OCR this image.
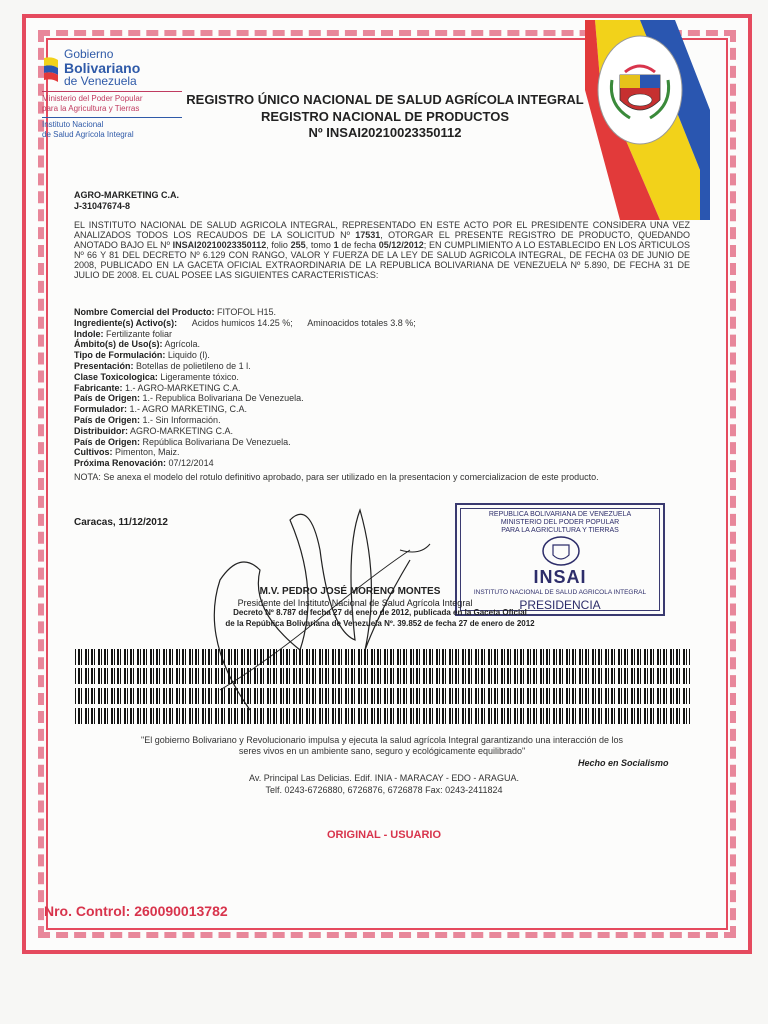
Gobierno
Bolivariano
de Venezuela
Ministerio del Poder Popular
para la Agricultura y Tierras
Instituto Nacional
de Salud Agrícola Integral
REGISTRO ÚNICO NACIONAL DE SALUD AGRÍCOLA INTEGRAL
REGISTRO NACIONAL DE PRODUCTOS
Nº INSAI20210023350112
AGRO-MARKETING C.A.
J-31047674-8
EL INSTITUTO NACIONAL DE SALUD AGRICOLA INTEGRAL, REPRESENTADO EN ESTE ACTO POR EL PRESIDENTE CONSIDERA UNA VEZ ANALIZADOS TODOS LOS RECAUDOS DE LA SOLICITUD Nº 17531, OTORGAR EL PRESENTE REGISTRO DE PRODUCTO, QUEDANDO ANOTADO BAJO EL Nº INSAI20210023350112, folio 255, tomo 1 de fecha 05/12/2012; EN CUMPLIMIENTO A LO ESTABLECIDO EN LOS ARTICULOS Nº 66 Y 81 DEL DECRETO Nº 6.129 CON RANGO, VALOR Y FUERZA DE LA LEY DE SALUD AGRICOLA INTEGRAL, DE FECHA 03 DE JUNIO DE 2008, PUBLICADO EN LA GACETA OFICIAL EXTRAORDINARIA DE LA REPUBLICA BOLIVARIANA DE VENEZUELA Nº 5.890, DE FECHA 31 DE JULIO DE 2008. EL CUAL POSEE LAS SIGUIENTES CARACTERISTICAS:
Nombre Comercial del Producto: FITOFOL H15.
Ingrediente(s) Activo(s):      Acidos humicos 14.25 %;      Aminoacidos totales 3.8 %;
Indole: Fertilizante foliar
Ámbito(s) de Uso(s): Agrícola.
Tipo de Formulación: Liquido (l).
Presentación: Botellas de polietileno de 1 l.
Clase Toxicologica: Ligeramente tóxico.
Fabricante: 1.- AGRO-MARKETING C.A.
País de Origen: 1.- Republica Bolivariana De Venezuela.
Formulador: 1.- AGRO MARKETING, C.A.
País de Origen: 1.- Sin Información.
Distribuidor: AGRO-MARKETING C.A.
País de Origen: República Bolivariana De Venezuela.
Cultivos: Pimenton, Maiz.
Próxima Renovación: 07/12/2014
NOTA: Se anexa el modelo del rotulo definitivo aprobado, para ser utilizado en la presentacion y comercializacion de este producto.
Caracas, 11/12/2012
REPUBLICA BOLIVARIANA DE VENEZUELA
MINISTERIO DEL PODER POPULAR
PARA LA AGRICULTURA Y TIERRAS
INSAI
INSTITUTO NACIONAL DE SALUD AGRICOLA INTEGRAL
PRESIDENCIA
M.V. PEDRO JOSÉ MORENO MONTES
Presidente del Instituto Nacional de Salud Agrícola Integral
Decreto Nº 8.787 de fecha 27 de enero de 2012, publicada en la Gaceta Oficial
de la República Bolivariana de Venezuela Nº. 39.852 de fecha 27 de enero de 2012
"El gobierno Bolivariano y Revolucionario impulsa y ejecuta la salud agrícola Integral garantizando una interacción de los
seres vivos en un ambiente sano, seguro y ecológicamente equilibrado"
Hecho en Socialismo
Av. Principal Las Delicias. Edif. INIA - MARACAY - EDO - ARAGUA.
Telf. 0243-6726880, 6726876, 6726878 Fax: 0243-2411824
ORIGINAL - USUARIO
Nro. Control: 260090013782
